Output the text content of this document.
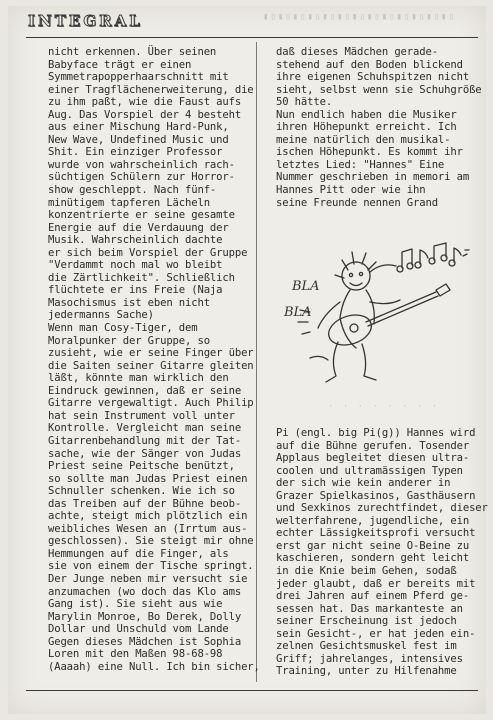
INTEGRAL	▮▯▮▯▮▯▮▯▮▯▮▯▮▯▮▯▮▯▮▯▮▯▮▯▮▯
nicht erkennen. Über seinen
Babyface trägt er einen
Symmetrapopperhaarschnitt mit
einer Tragflächenerweiterung, die
zu ihm paßt, wie die Faust aufs
Aug. Das Vorspiel der 4 besteht
aus einer Mischung Hard-Punk,
New Wave, Undefined Music und
Shit. Ein einziger Professor
wurde von wahrscheinlich rach-
süchtigen Schülern zur Horror-
show geschleppt. Nach fünf-
minütigem tapferen Lächeln
konzentrierte er seine gesamte
Energie auf die Verdauung der
Musik. Wahrscheinlich dachte
er sich beim Vorspiel der Gruppe
"Verdammt noch mal wo bleibt
die Zärtlichkeit". Schließlich
flüchtete er ins Freie (Naja
Masochismus ist eben nicht
jedermanns Sache)
Wenn man Cosy-Tiger, dem
Moralpunker der Gruppe, so
zusieht, wie er seine Finger über
die Saiten seiner Gitarre gleiten
läßt, könnte man wirklich den
Eindruck gewinnen, daß er seine
Gitarre vergewaltigt. Auch Philip
hat sein Instrument voll unter
Kontrolle. Vergleicht man seine
Gitarrenbehandlung mit der Tat-
sache, wie der Sänger von Judas
Priest seine Peitsche benützt,
so sollte man Judas Priest einen
Schnuller schenken. Wie ich so
das Treiben auf der Bühne beob-
achte, steigt mich plötzlich ein
weibliches Wesen an (Irrtum aus-
geschlossen). Sie steigt mir ohne
Hemmungen auf die Finger, als
sie von einem der Tische springt.
Der Junge neben mir versucht sie
anzumachen (wo doch das Klo ams
Gang ist). Sie sieht aus wie
Marylin Monroe, Bo Derek, Dolly
Dollar und Unschuld vom Lande
Gegen dieses Mädchen ist Sophia
Loren mit den Maßen 98-68-98
(Aaaah) eine Null. Ich bin sicher,
daß dieses Mädchen gerade-
stehend auf den Boden blickend
ihre eigenen Schuhspitzen nicht
sieht, selbst wenn sie Schuhgröße
50 hätte.
Nun endlich haben die Musiker
ihren Höhepunkt erreicht. Ich
meine natürlich den musikal-
ischen Höhepunkt. Es kommt ihr
letztes Lied: "Hannes" Eine
Nummer geschrieben in memori am
Hannes Pitt oder wie ihn
seine Freunde nennen Grand
BLA
BLA
· · · · · · · ·
Pi (engl. big Pi(g)) Hannes wird
auf die Bühne gerufen. Tosender
Applaus begleitet diesen ultra-
coolen und ultramässigen Typen
der sich wie kein anderer in
Grazer Spielkasinos, Gasthäusern
und Sexkinos zurechtfindet, dieser
welterfahrene, jugendliche, ein
echter Lässigkeitsprofi versucht
erst gar nicht seine O-Beine zu
kaschieren, sondern geht leicht
in die Knie beim Gehen, sodaß
jeder glaubt, daß er bereits mit
drei Jahren auf einem Pferd ge-
sessen hat. Das markanteste an
seiner Erscheinung ist jedoch
sein Gesicht-, er hat jeden ein-
zelnen Gesichtsmuskel fest im
Griff; jahrelanges, intensives
Training, unter zu Hilfenahme
